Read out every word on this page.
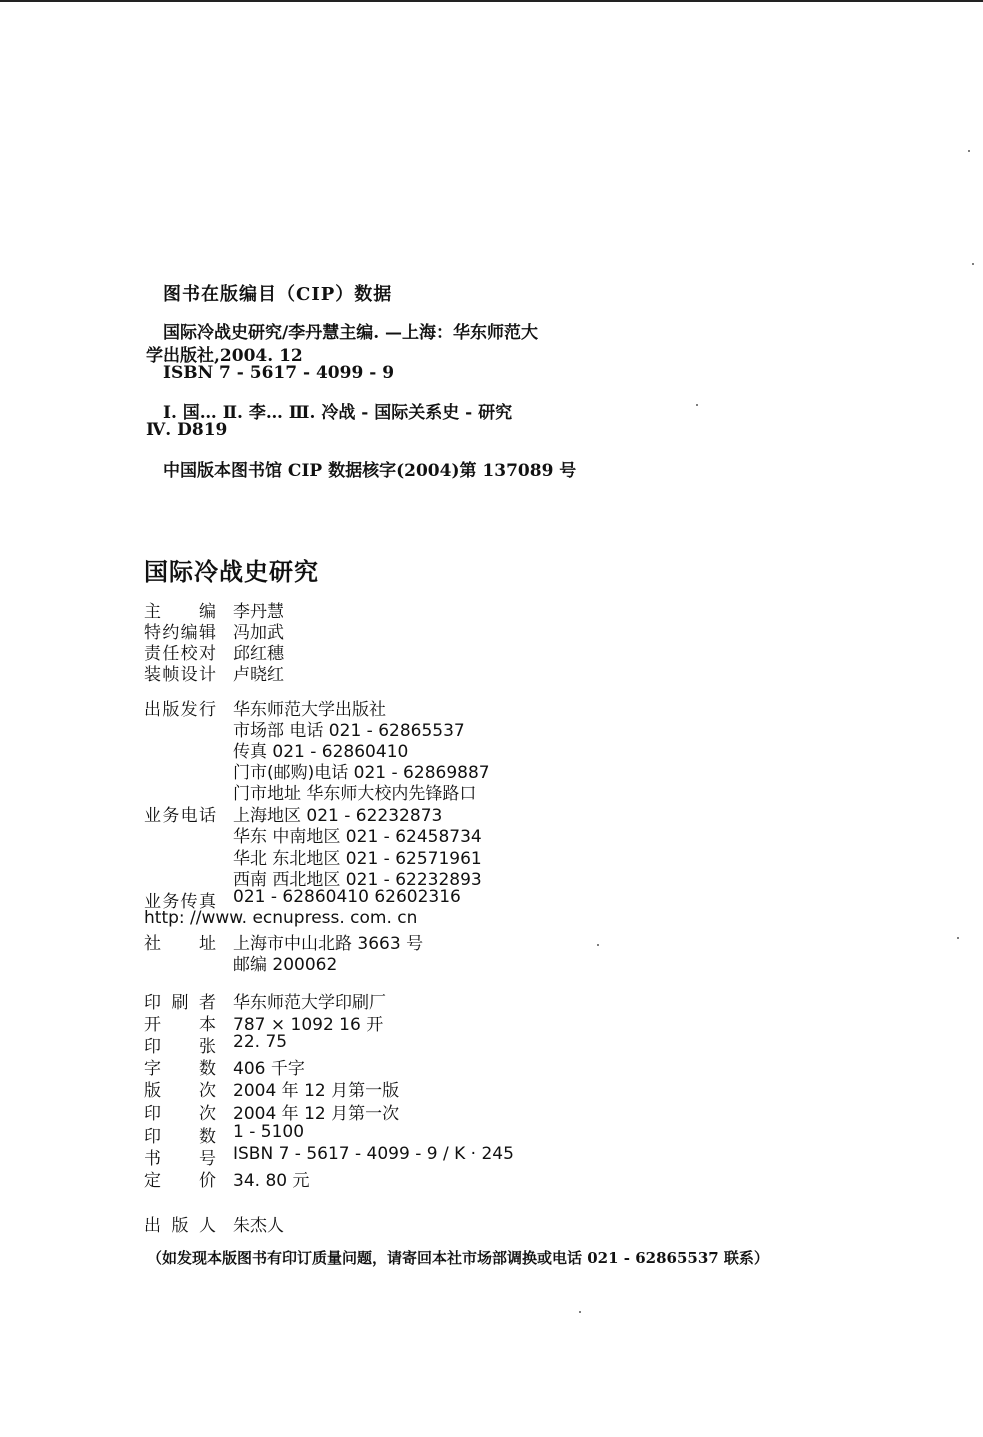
图书在版编目（CIP）数据
国际冷战史研究/李丹慧主编. —上海：华东师范大
学出版社,2004. 12
ISBN 7 - 5617 - 4099 - 9
Ⅰ. 国… Ⅱ. 李… Ⅲ. 冷战 - 国际关系史 - 研究
Ⅳ. D819
中国版本图书馆 CIP 数据核字(2004)第 137089 号
国际冷战史研究
主 编 李丹慧
特约编辑 冯加武
责任校对 邱红穗
装帧设计 卢晓红
出版发行 华东师范大学出版社
市场部 电话 021 - 62865537
传真 021 - 62860410
门市(邮购)电话 021 - 62869887
门市地址 华东师大校内先锋路口
业务电话 上海地区 021 - 62232873
华东 中南地区 021 - 62458734
华北 东北地区 021 - 62571961
西南 西北地区 021 - 62232893
业务传真 021 - 62860410 62602316
http: //www. ecnupress. com. cn
社 址 上海市中山北路 3663 号
邮编 200062
印 刷 者 华东师范大学印刷厂
开 本 787 × 1092 16 开
印 张 22. 75
字 数 406 千字
版 次 2004 年 12 月第一版
印 次 2004 年 12 月第一次
印 数 1 - 5100
书 号 ISBN 7 - 5617 - 4099 - 9 / K · 245
定 价 34. 80 元
出 版 人 朱杰人
（如发现本版图书有印订质量问题，请寄回本社市场部调换或电话 021 - 62865537 联系）
